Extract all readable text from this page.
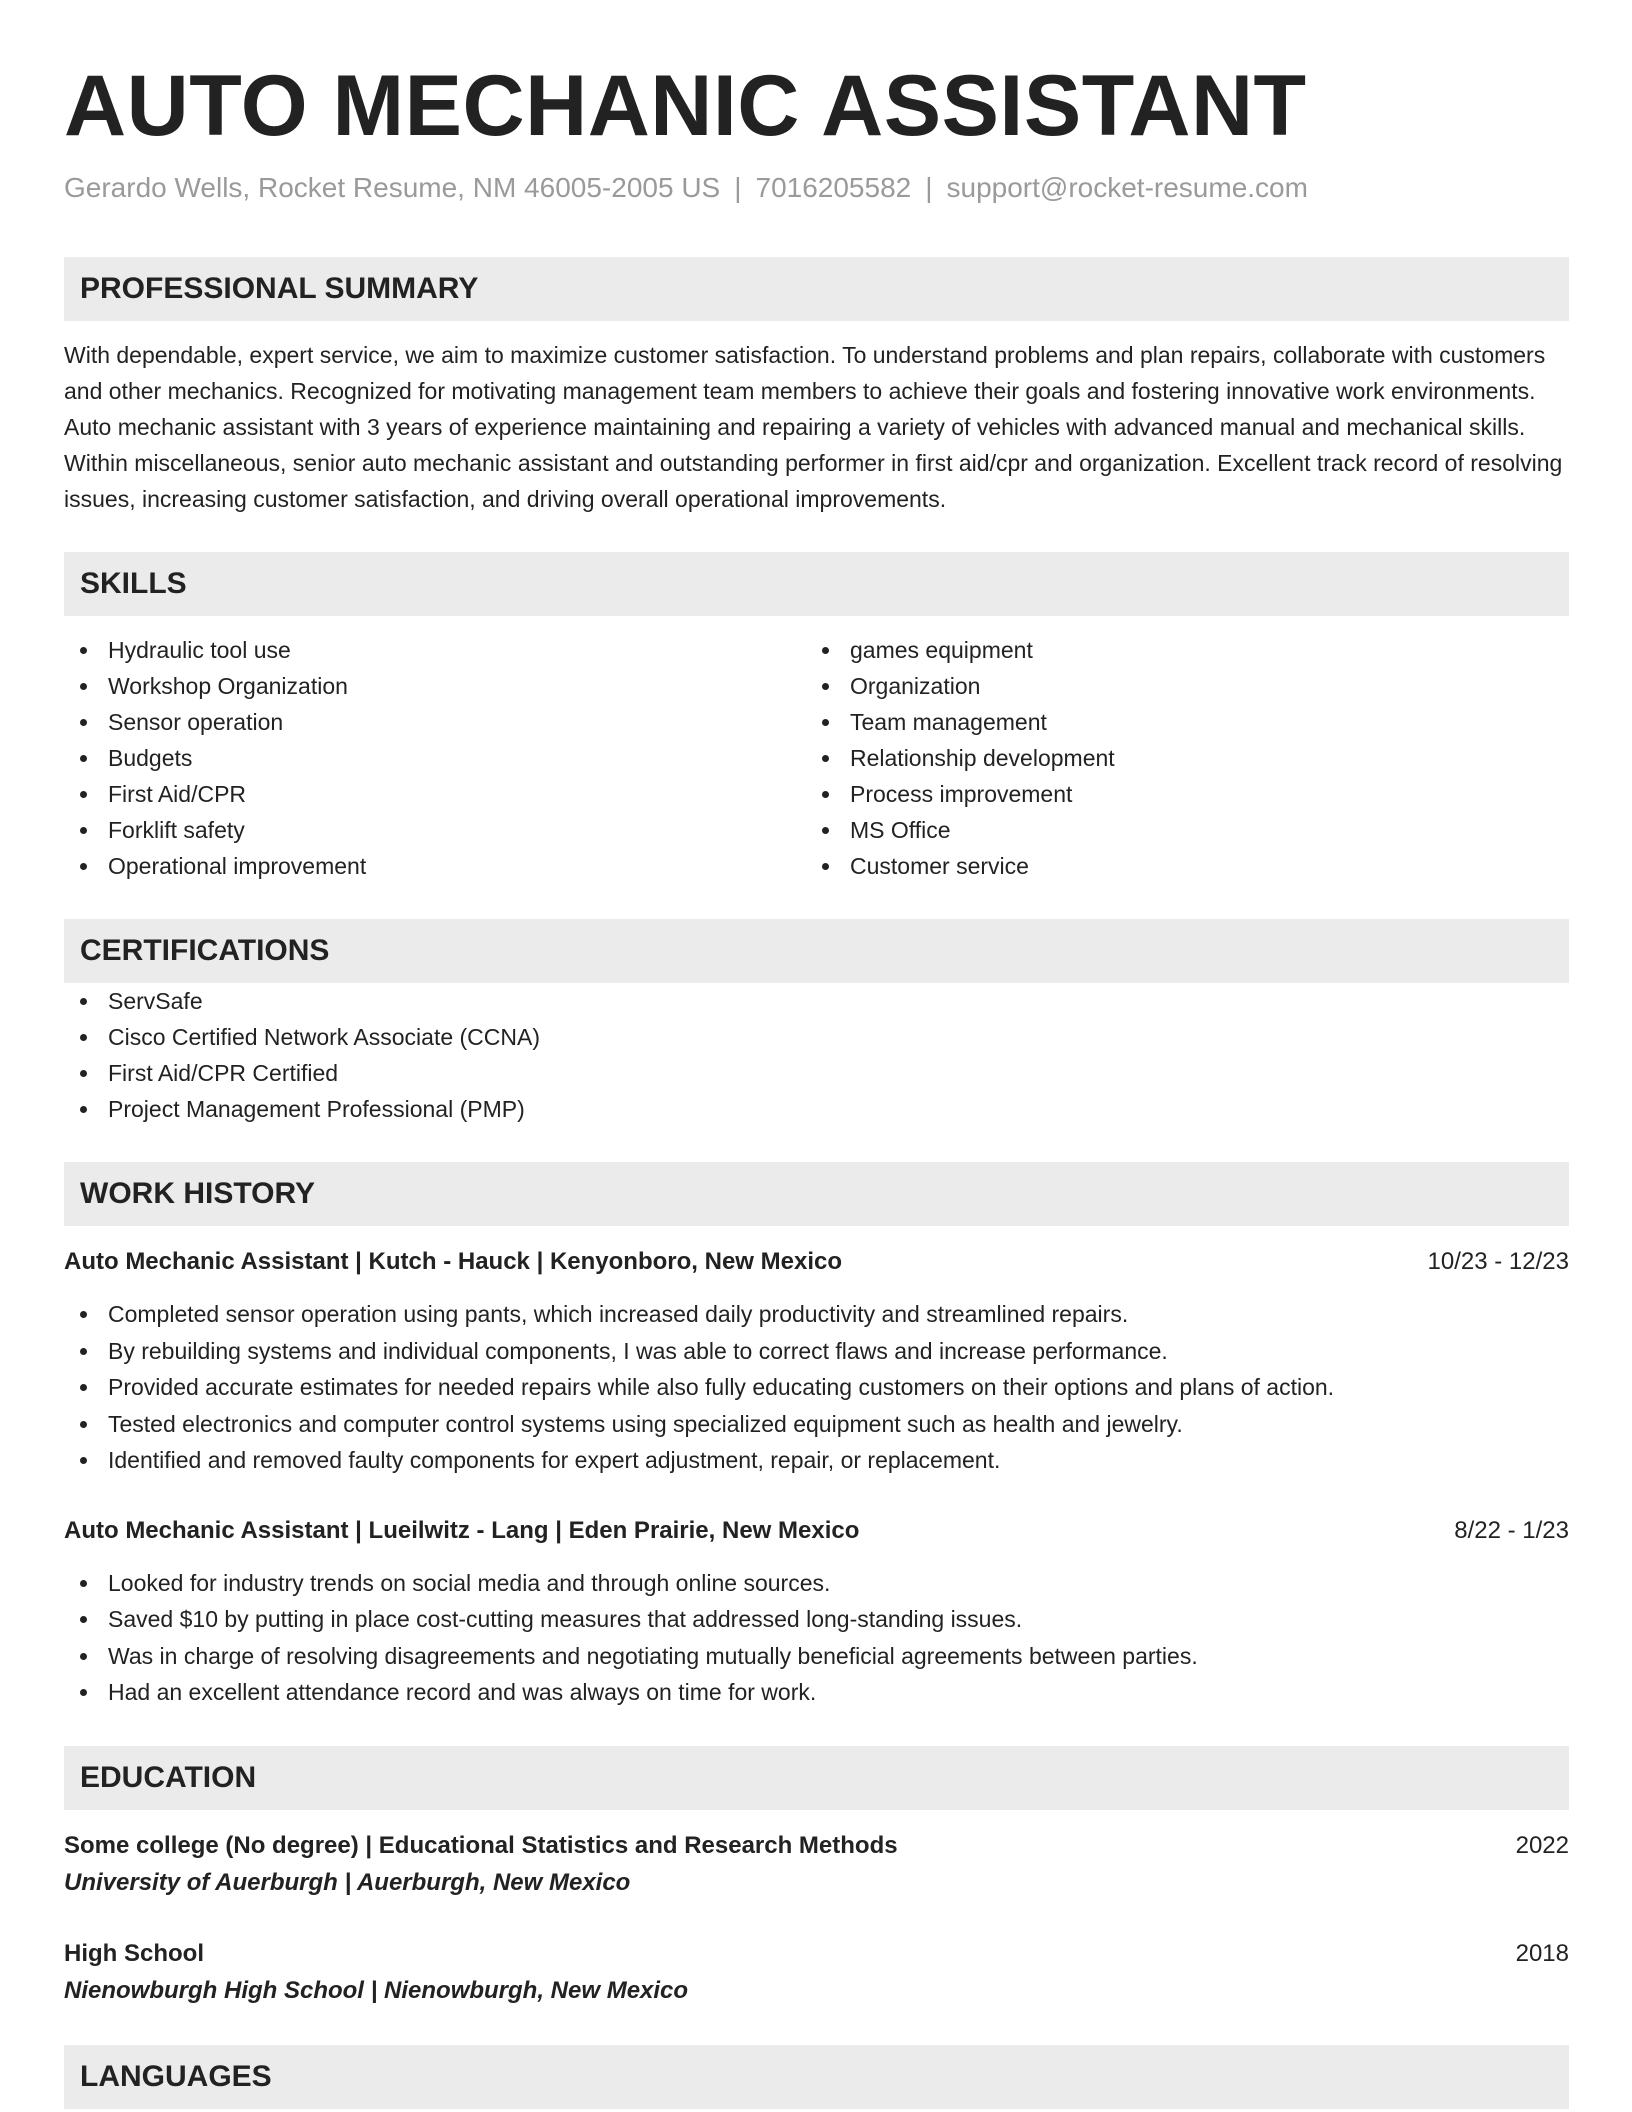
AUTO MECHANIC ASSISTANT
Gerardo Wells, Rocket Resume, NM 46005-2005 US | 7016205582 | support@rocket-resume.com
PROFESSIONAL SUMMARY
With dependable, expert service, we aim to maximize customer satisfaction. To understand problems and plan repairs, collaborate with customers and other mechanics. Recognized for motivating management team members to achieve their goals and fostering innovative work environments. Auto mechanic assistant with 3 years of experience maintaining and repairing a variety of vehicles with advanced manual and mechanical skills. Within miscellaneous, senior auto mechanic assistant and outstanding performer in first aid/cpr and organization. Excellent track record of resolving issues, increasing customer satisfaction, and driving overall operational improvements.
SKILLS
Hydraulic tool use
Workshop Organization
Sensor operation
Budgets
First Aid/CPR
Forklift safety
Operational improvement
games equipment
Organization
Team management
Relationship development
Process improvement
MS Office
Customer service
CERTIFICATIONS
ServSafe
Cisco Certified Network Associate (CCNA)
First Aid/CPR Certified
Project Management Professional (PMP)
WORK HISTORY
Auto Mechanic Assistant | Kutch - Hauck | Kenyonboro, New Mexico	10/23 - 12/23
Completed sensor operation using pants, which increased daily productivity and streamlined repairs.
By rebuilding systems and individual components, I was able to correct flaws and increase performance.
Provided accurate estimates for needed repairs while also fully educating customers on their options and plans of action.
Tested electronics and computer control systems using specialized equipment such as health and jewelry.
Identified and removed faulty components for expert adjustment, repair, or replacement.
Auto Mechanic Assistant | Lueilwitz - Lang | Eden Prairie, New Mexico	8/22 - 1/23
Looked for industry trends on social media and through online sources.
Saved $10 by putting in place cost-cutting measures that addressed long-standing issues.
Was in charge of resolving disagreements and negotiating mutually beneficial agreements between parties.
Had an excellent attendance record and was always on time for work.
EDUCATION
Some college (No degree) | Educational Statistics and Research Methods	2022
University of Auerburgh | Auerburgh, New Mexico
High School	2018
Nienowburgh High School | Nienowburgh, New Mexico
LANGUAGES
